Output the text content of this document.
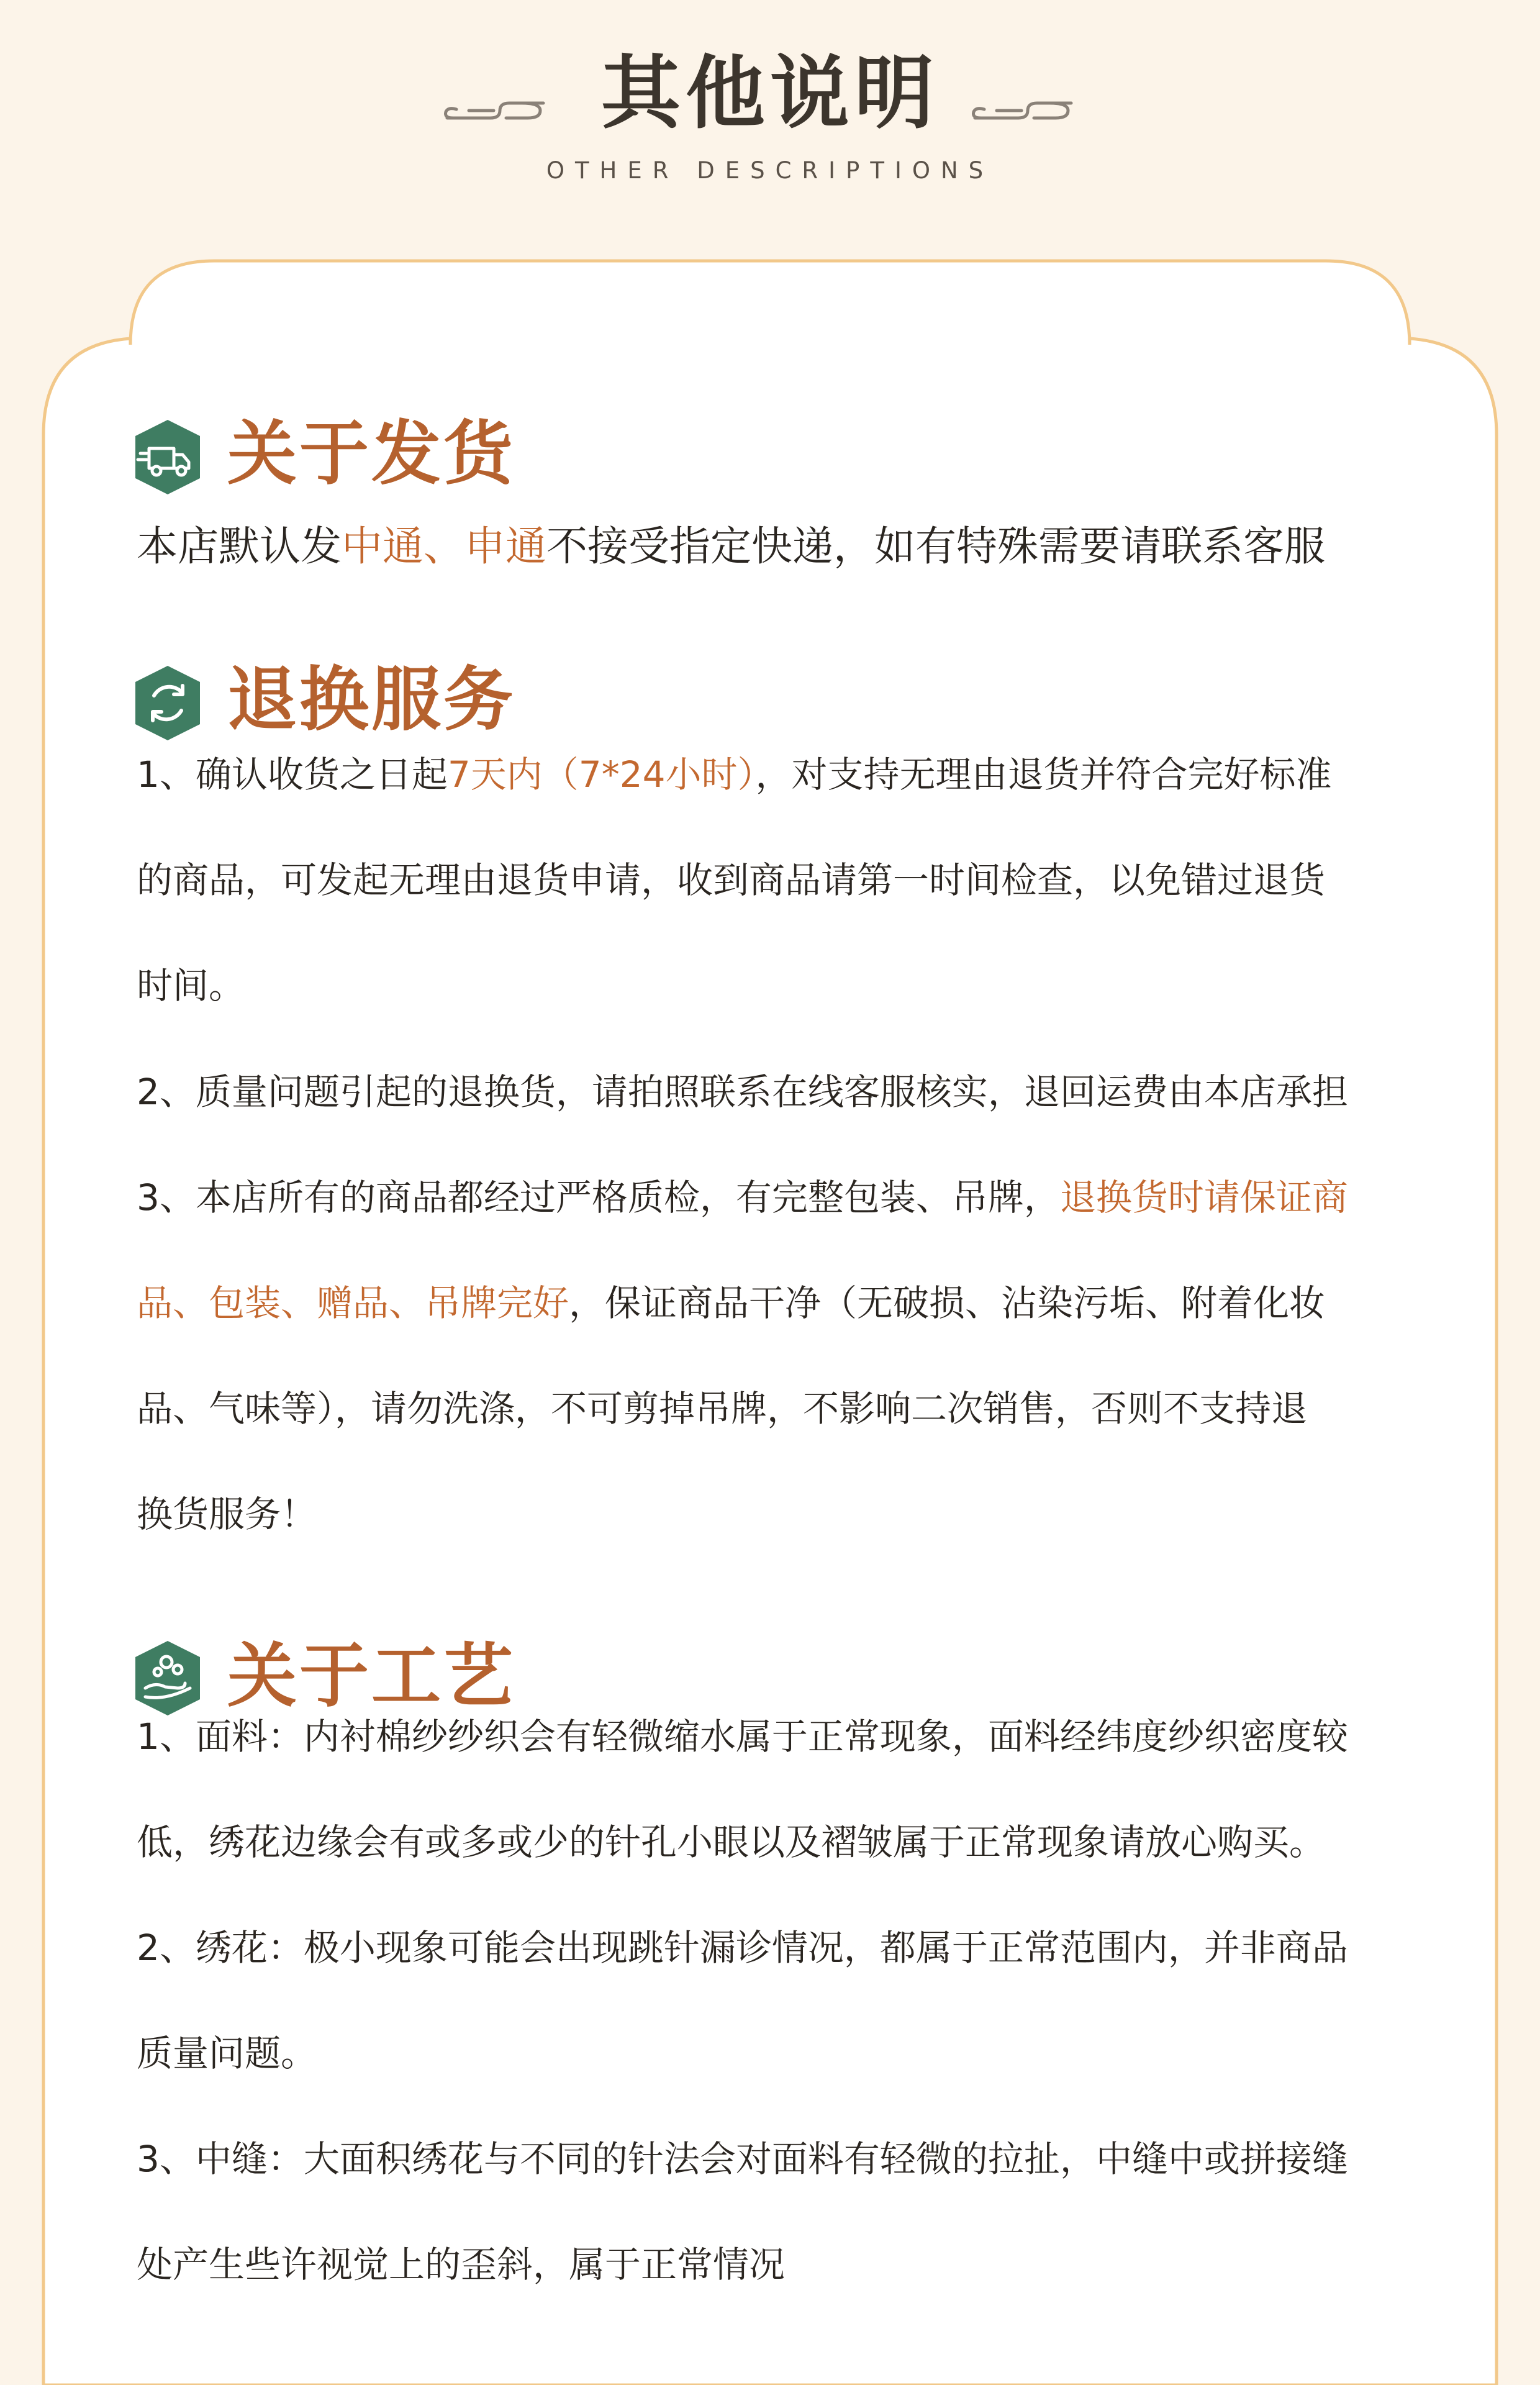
其他说明
OTHER DESCRIPTIONS
关于发货
本店默认发中通、申通不接受指定快递，如有特殊需要请联系客服
退换服务
1、确认收货之日起7天内（7*24小时），对支持无理由退货并符合完好标准
的商品，可发起无理由退货申请，收到商品请第一时间检查，以免错过退货
时间。
2、质量问题引起的退换货，请拍照联系在线客服核实，退回运费由本店承担
3、本店所有的商品都经过严格质检，有完整包装、吊牌，退换货时请保证商
品、包装、赠品、吊牌完好，保证商品干净（无破损、沾染污垢、附着化妆
品、气味等），请勿洗涤，不可剪掉吊牌，不影响二次销售，否则不支持退
换货服务！
关于工艺
1、面料：内衬棉纱纱织会有轻微缩水属于正常现象，面料经纬度纱织密度较
低，绣花边缘会有或多或少的针孔小眼以及褶皱属于正常现象请放心购买。
2、绣花：极小现象可能会出现跳针漏诊情况，都属于正常范围内，并非商品
质量问题。
3、中缝：大面积绣花与不同的针法会对面料有轻微的拉扯，中缝中或拼接缝
处产生些许视觉上的歪斜，属于正常情况
